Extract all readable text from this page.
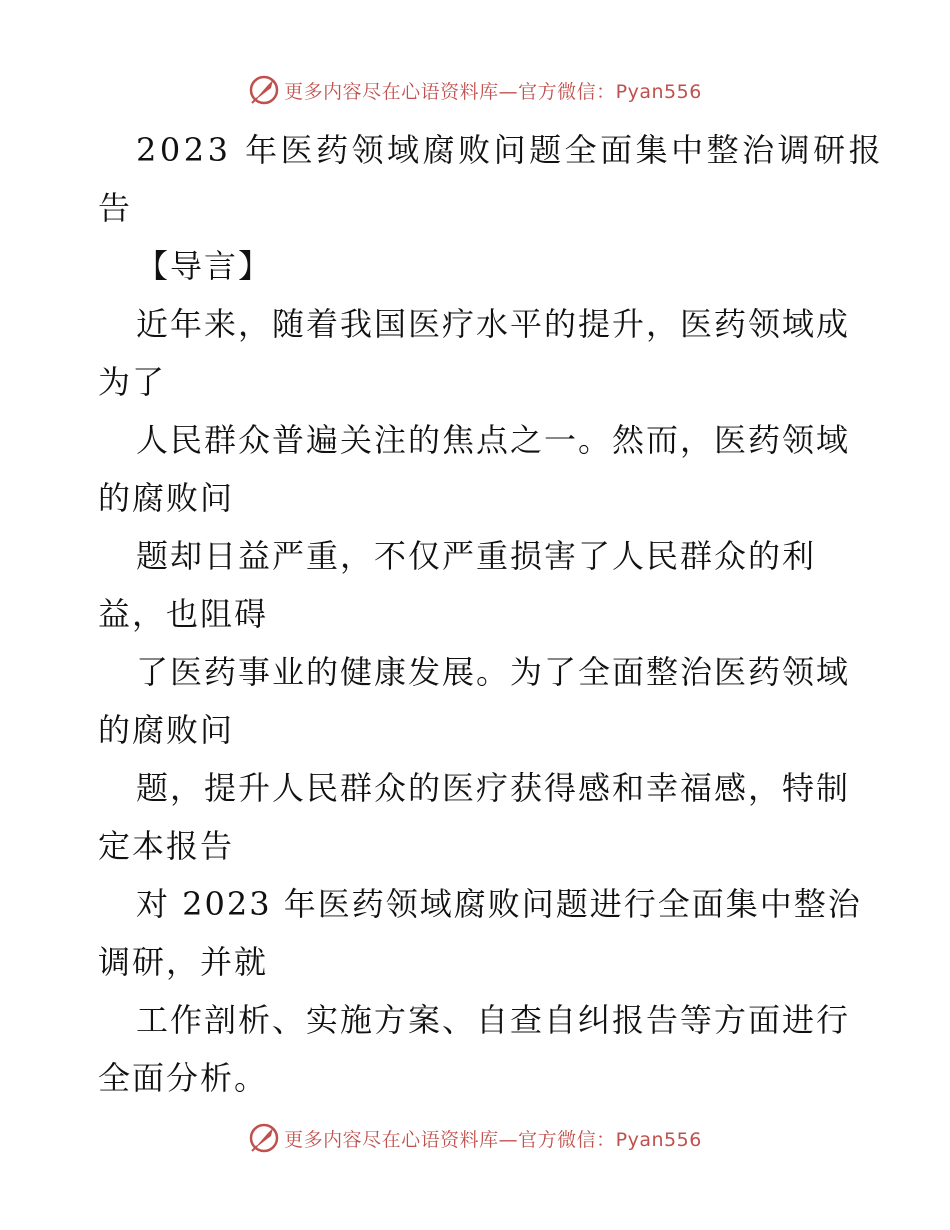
更多内容尽在心语资料库—官方微信：Pyan556
2023 年医药领域腐败问题全面集中整治调研报
告
【导言】
近年来，随着我国医疗水平的提升，医药领域成
为了
人民群众普遍关注的焦点之一。然而，医药领域
的腐败问
题却日益严重，不仅严重损害了人民群众的利
益，也阻碍
了医药事业的健康发展。为了全面整治医药领域
的腐败问
题，提升人民群众的医疗获得感和幸福感，特制
定本报告
对 2023 年医药领域腐败问题进行全面集中整治
调研，并就
工作剖析、实施方案、自查自纠报告等方面进行
全面分析。
更多内容尽在心语资料库—官方微信：Pyan556
